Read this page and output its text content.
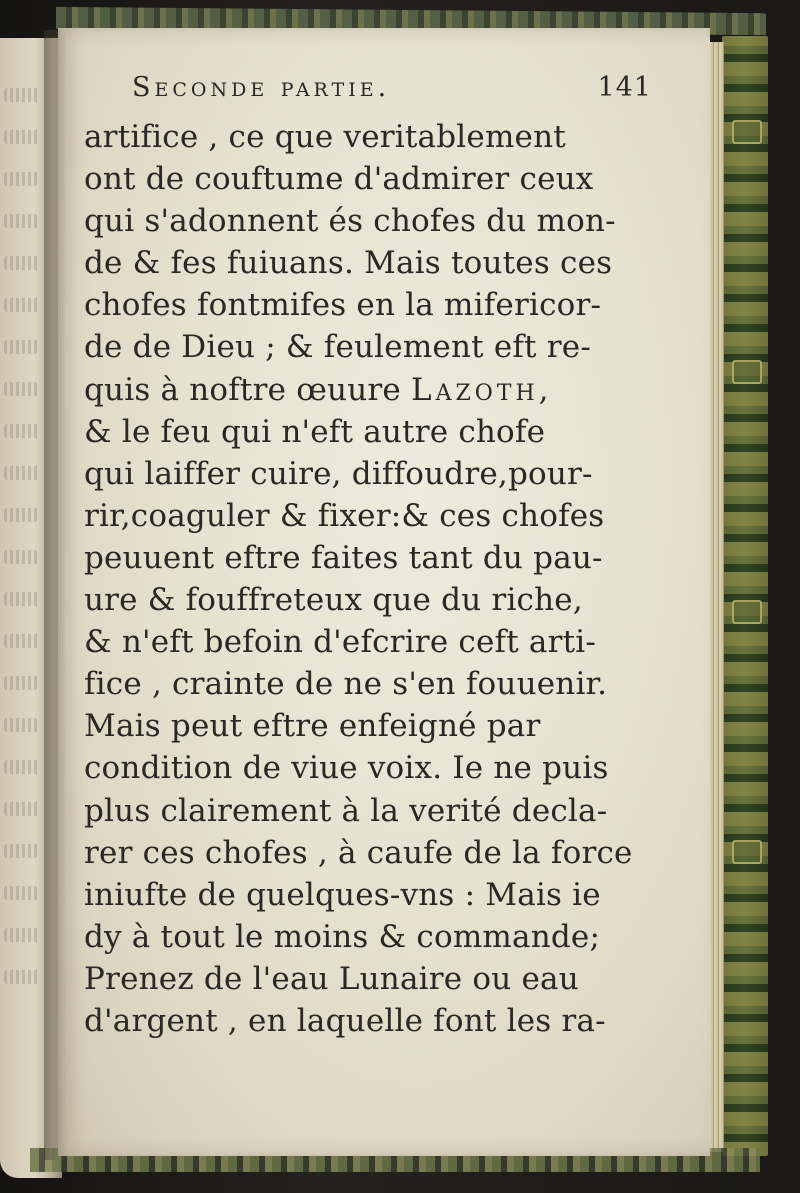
Seconde partie.	141
artifice , ce que veritablement
ont de couftume d'admirer ceux
qui s'adonnent és chofes du mon-
de & fes fuiuans. Mais toutes ces
chofes fontmifes en la mifericor-
de de Dieu ; & feulement eft re-
quis à noftre œuure Lazoth,
& le feu qui n'eft autre chofe
qui laiffer cuire, diffoudre,pour-
rir,coaguler & fixer:& ces chofes
peuuent eftre faites tant du pau-
ure & fouffreteux que du riche,
& n'eft befoin d'efcrire ceft arti-
fice , crainte de ne s'en fouuenir.
Mais peut eftre enfeigné par
condition de viue voix. Ie ne puis
plus clairement à la verité decla-
rer ces chofes , à caufe de la force
iniufte de quelques-vns : Mais ie
dy à tout le moins & commande;
Prenez de l'eau Lunaire ou eau
d'argent , en laquelle font les ra-
